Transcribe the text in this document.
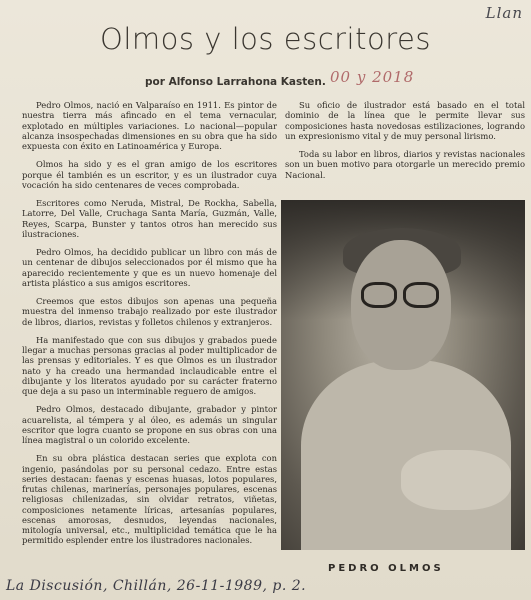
Llan
Olmos y los escritores
por Alfonso Larrahona Kasten. 00 y 2018

Pedro Olmos, nació en Valparaíso en 1911. Es pintor de nuestra tierra más afincado en el tema vernacular, explotado en múltiples variaciones. Lo nacional—popular alcanza insospechadas dimensiones en su obra que ha sido expuesta con éxito en Latinoamérica y Europa.

Olmos ha sido y es el gran amigo de los escritores porque él también es un escritor, y es un ilustrador cuya vocación ha sido centenares de veces comprobada.

Escritores como Neruda, Mistral, De Rockha, Sabella, Latorre, Del Valle, Cruchaga Santa María, Guzmán, Valle, Reyes, Scarpa, Bunster y tantos otros han merecido sus ilustraciones.

Pedro Olmos, ha decidido publicar un libro con más de un centenar de dibujos seleccionados por él mismo que ha aparecido recientemente y que es un nuevo homenaje del artista plástico a sus amigos escritores.

Creemos que estos dibujos son apenas una pequeña muestra del inmenso trabajo realizado por este ilustrador de libros, diarios, revistas y folletos chilenos y extranjeros.

Ha manifestado que con sus dibujos y grabados puede llegar a muchas personas gracias al poder multiplicador de las prensas y editoriales. Y es que Olmos es un ilustrador nato y ha creado una hermandad inclaudicable entre el dibujante y los literatos ayudado por su carácter fraterno que deja a su paso un interminable reguero de amigos.

Pedro Olmos, destacado dibujante, grabador y pintor acuarelista, al témpera y al óleo, es además un singular escritor que logra cuanto se propone en sus obras con una línea magistral o un colorido excelente.

En su obra plástica destacan series que explota con ingenio, pasándolas por su personal cedazo. Entre estas series destacan: faenas y escenas huasas, lotos populares, frutas chilenas, marinerías, personajes populares, escenas religiosas chilenizadas, sin olvidar retratos, viñetas, composiciones netamente líricas, artesanías populares, escenas amorosas, desnudos, leyendas nacionales, mitología universal, etc., multiplicidad temática que le ha permitido esplender entre los ilustradores nacionales.

Su oficio de ilustrador está basado en el total dominio de la línea que le permite llevar sus composiciones hasta novedosas estilizaciones, logrando un expresionismo vital y de muy personal lirismo.

Toda su labor en libros, diarios y revistas nacionales son un buen motivo para otorgarle un merecido premio Nacional.

PEDRO OLMOS
La Discusión, Chillán, 26-11-1989, p. 2.
